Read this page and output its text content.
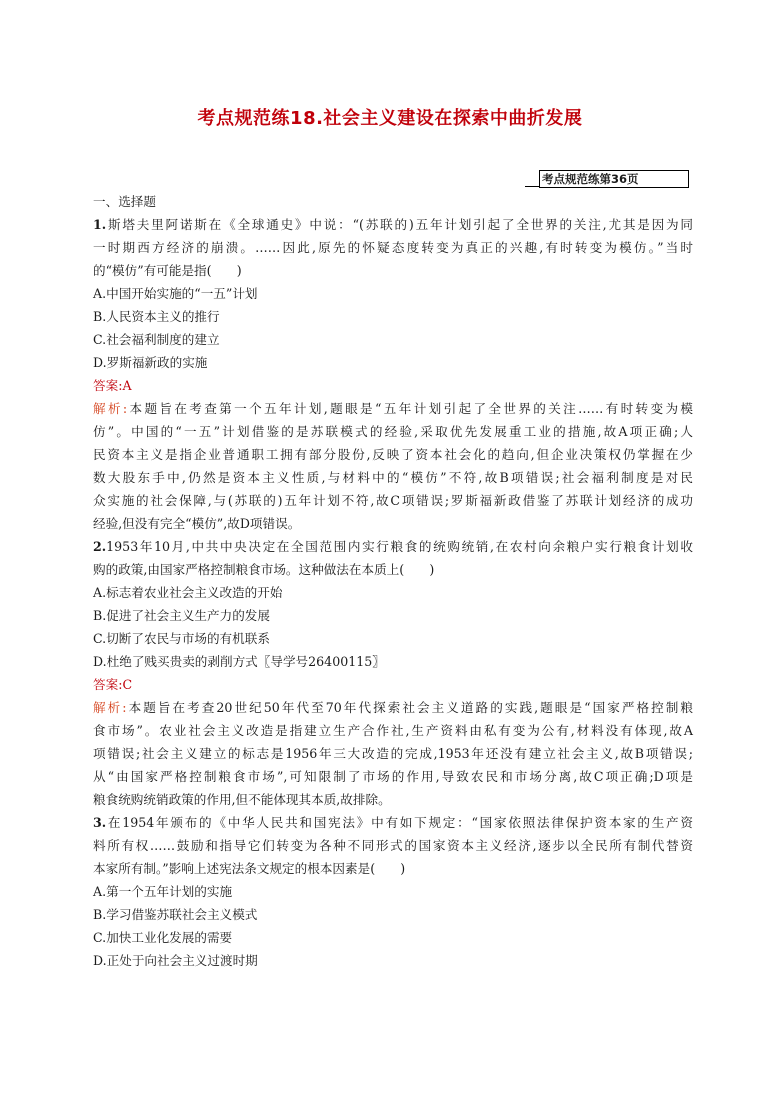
考点规范练18.社会主义建设在探索中曲折发展
考点规范练第36页
一、选择题
1.斯塔夫里阿诺斯在《全球通史》中说：“(苏联的)五年计划引起了全世界的关注,尤其是因为同
一时期西方经济的崩溃。……因此,原先的怀疑态度转变为真正的兴趣,有时转变为模仿。”当时
的“模仿”有可能是指(　　)
A.中国开始实施的“一五”计划
B.人民资本主义的推行
C.社会福利制度的建立
D.罗斯福新政的实施
答案:A
解析:本题旨在考查第一个五年计划,题眼是“五年计划引起了全世界的关注……有时转变为模
仿”。中国的“一五”计划借鉴的是苏联模式的经验,采取优先发展重工业的措施,故A项正确;人
民资本主义是指企业普通职工拥有部分股份,反映了资本社会化的趋向,但企业决策权仍掌握在少
数大股东手中,仍然是资本主义性质,与材料中的“模仿”不符,故B项错误;社会福利制度是对民
众实施的社会保障,与(苏联的)五年计划不符,故C项错误;罗斯福新政借鉴了苏联计划经济的成功
经验,但没有完全“模仿”,故D项错误。
2.1953年10月,中共中央决定在全国范围内实行粮食的统购统销,在农村向余粮户实行粮食计划收
购的政策,由国家严格控制粮食市场。这种做法在本质上(　　)
A.标志着农业社会主义改造的开始
B.促进了社会主义生产力的发展
C.切断了农民与市场的有机联系
D.杜绝了贱买贵卖的剥削方式〖导学号26400115〗
答案:C
解析:本题旨在考查20世纪50年代至70年代探索社会主义道路的实践,题眼是“国家严格控制粮
食市场”。农业社会主义改造是指建立生产合作社,生产资料由私有变为公有,材料没有体现,故A
项错误;社会主义建立的标志是1956年三大改造的完成,1953年还没有建立社会主义,故B项错误;
从“由国家严格控制粮食市场”,可知限制了市场的作用,导致农民和市场分离,故C项正确;D项是
粮食统购统销政策的作用,但不能体现其本质,故排除。
3.在1954年颁布的《中华人民共和国宪法》中有如下规定：“国家依照法律保护资本家的生产资
料所有权……鼓励和指导它们转变为各种不同形式的国家资本主义经济,逐步以全民所有制代替资
本家所有制。”影响上述宪法条文规定的根本因素是(　　)
A.第一个五年计划的实施
B.学习借鉴苏联社会主义模式
C.加快工业化发展的需要
D.正处于向社会主义过渡时期
